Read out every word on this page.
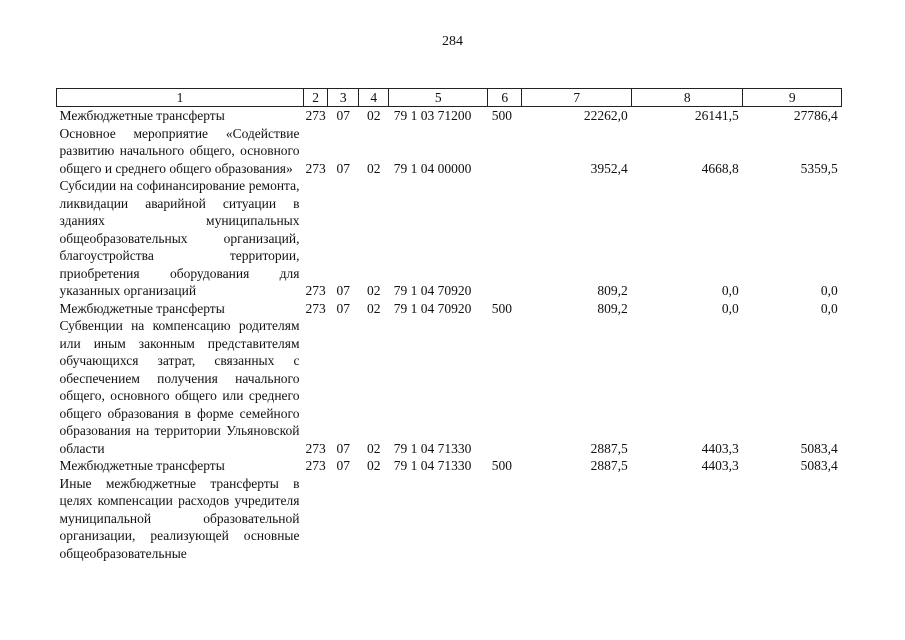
284
1	2	3	4	5	6	7	8	9
Межбюджетные трансферты	273	07	02	79 1 03 71200	500	22262,0	26141,5	27786,4
Основное мероприятие «Содействие развитию начального общего, основного общего и среднего общего образования»	273	07	02	79 1 04 00000		3952,4	4668,8	5359,5
Субсидии на софинансирование ремонта, ликвидации аварийной ситуации в зданиях муниципальных общеобразовательных организаций, благоустройства территории, приобретения оборудования для указанных организаций	273	07	02	79 1 04 70920		809,2	0,0	0,0
Межбюджетные трансферты	273	07	02	79 1 04 70920	500	809,2	0,0	0,0
Субвенции на компенсацию родителям или иным законным представителям обучающихся затрат, связанных с обеспечением получения начального общего, основного общего или среднего общего образования в форме семейного образования на территории Ульяновской области	273	07	02	79 1 04 71330		2887,5	4403,3	5083,4
Межбюджетные трансферты	273	07	02	79 1 04 71330	500	2887,5	4403,3	5083,4
Иные межбюджетные трансферты в целях компенсации расходов учредителя муниципальной образовательной организации, реализующей основные общеобразовательные								
